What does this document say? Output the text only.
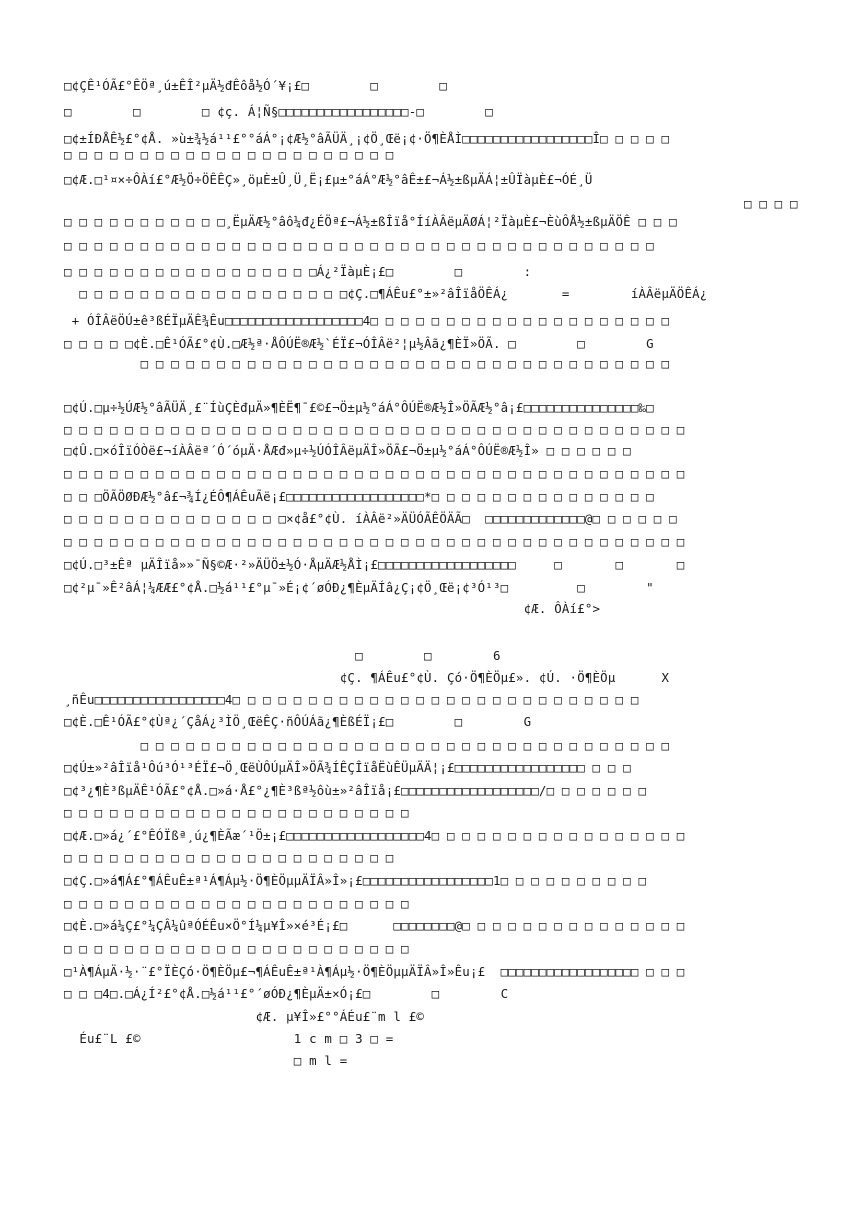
□¢ÇÊ¹ÓÃ£°ÊÖª¸ú±ÊÎ²µÄ½đÊôå½Ó´¥¡£□        □        □
□        □        □ ¢ç. Á¦Ñ§□□□□□□□□□□□□□□□□□-□        □
□¢±ÍÐÅÊ½£°¢Å. »ù±¾½á¹¹£°°áÁ°¡¢Æ½°âÃÜÄ¸¡¢Ö¸Œë¡¢·Ö¶ÈÅÌ□□□□□□□□□□□□□□□□□Î□ □ □ □ □
□ □ □ □ □ □ □ □ □ □ □ □ □ □ □ □ □ □ □ □ □ □
□¢Æ.□¹¤×÷ÔÀí£°Æ½Ö÷ÖÊÊÇ»¸öµÈ±Û¸Ü¸Ë¡£µ±°áÁ°Æ½°âÊ±£¬Á½±ßµÄÁ¦±ÛÏàµÈ£¬ÓÉ¸Ü
□ □ □ □
□ □ □ □ □ □ □ □ □ □ □¸ËµÄÆ½°âô¼đ¿ÉÖª£¬Á½±ßÎïå°ÍíÀÂëµÄØÁ¦²ÏàµÈ£¬ÈùÔÅ½±ßµÄÖÊ □ □ □
□ □ □ □ □ □ □ □ □ □ □ □ □ □ □ □ □ □ □ □ □ □ □ □ □ □ □ □ □ □ □ □ □ □ □ □ □ □ □
□ □ □ □ □ □ □ □ □ □ □ □ □ □ □ □ □Á¿²ÏàµÈ¡£□        □        :
□ □ □ □ □ □ □ □ □ □ □ □ □ □ □ □ □ □¢Ç.□¶ÁÊu£°±»²âÎïåÖÊÁ¿       =        íÀÂëµÄÖÊÁ¿
+ ÓÎÂëÖÚ±ê³ßÉÏµÄÊ¾Êu□□□□□□□□□□□□□□□□□□4□ □ □ □ □ □ □ □ □ □ □ □ □ □ □ □ □ □ □ □
□ □ □ □ □¢È.□Ê¹ÓÃ£°¢Ù.□Æ½ª·ÅÔÚË®Æ½`ÉÏ£¬ÓÎÂë²¦µ½Âã¿¶ÈÏ»ÖÃ. □        □        G
□ □ □ □ □ □ □ □ □ □ □ □ □ □ □ □ □ □ □ □ □ □ □ □ □ □ □ □ □ □ □ □ □ □ □
□¢Ú.□µ÷½ÚÆ½°âÃÜÄ¸£¨ÍùÇÈđµÄ»¶ÈË¶¯£©£¬Ö±µ½°áÁ°ÔÚË®Æ½Î»ÖÃÆ½°â¡£□□□□□□□□□□□□□□□‰□
□ □ □ □ □ □ □ □ □ □ □ □ □ □ □ □ □ □ □ □ □ □ □ □ □ □ □ □ □ □ □ □ □ □ □ □ □ □ □ □ □
□¢Û.□×óÎïÓÒë£¬íÀÂëª´Ó´óµÄ·ÅÆđ»µ÷½ÚÓÎÂëµÄÎ»ÖÃ£¬Ö±µ½°áÁ°ÔÚË®Æ½Î» □ □ □ □ □ □
□ □ □ □ □ □ □ □ □ □ □ □ □ □ □ □ □ □ □ □ □ □ □ □ □ □ □ □ □ □ □ □ □ □ □ □ □ □ □ □ □
□ □ □ÖÃÖØÐÆ½°â£¬¾Í¿ÉÔ¶ÁÊuÃë¡£□□□□□□□□□□□□□□□□□□*□ □ □ □ □ □ □ □ □ □ □ □ □ □ □
□ □ □ □ □ □ □ □ □ □ □ □ □ □ □×¢å£°¢Ù. íÀÂë²»ÄÜÓÃÊÖÄÃ□  □□□□□□□□□□□□□@□ □ □ □ □ □
□ □ □ □ □ □ □ □ □ □ □ □ □ □ □ □ □ □ □ □ □ □ □ □ □ □ □ □ □ □ □ □ □ □ □ □ □ □ □ □ □
□¢Ú.□³±Êª µÄÎïå»»¯Ñ§©Æ·²»ÄÜÖ±½Ó·ÅµÄÆ½ÅÌ¡£□□□□□□□□□□□□□□□□□□     □       □       □
□¢²µ¯»Ê²âÁ¦¼ÆÆ£°¢Å.□½á¹¹£°µ¯»É¡¢´øÓÐ¿¶ÈµÄÍâ¿Ç¡¢Ö¸Œë¡¢³Ó¹³□         □        "
¢Æ. ÔÀí£°>
□        □        6
¢Ç. ¶ÁÊu£°¢Ù. Çó·Ö¶ÈÖµ£». ¢Ú. ·Ö¶ÈÖµ      X
¸ñÊu□□□□□□□□□□□□□□□□□4□ □ □ □ □ □ □ □ □ □ □ □ □ □ □ □ □ □ □ □ □ □ □ □ □ □ □
□¢È.□Ê¹ÓÃ£°¢Ùª¿´ÇåÁ¿³ÌÖ¸ŒëÊÇ·ñÔÚÁã¿¶ÈßÉÏ¡£□        □        G
□ □ □ □ □ □ □ □ □ □ □ □ □ □ □ □ □ □ □ □ □ □ □ □ □ □ □ □ □ □ □ □ □ □ □
□¢Ú±»²âÎïå¹Ôú³Ó¹³ÉÏ£¬Ö¸ŒëÙÔÚµÄÎ»ÖÃ¾ÍÊÇÎïåËùÊÜµÄÄ¦¡£□□□□□□□□□□□□□□□□□ □ □ □
□¢³¿¶È³ßµÄÊ¹ÓÃ£°¢Å.□»á·Å£°¿¶È³ßª½ôù±»²âÎïå¡£□□□□□□□□□□□□□□□□□□/□ □ □ □ □ □ □
□ □ □ □ □ □ □ □ □ □ □ □ □ □ □ □ □ □ □ □ □ □ □
□¢Æ.□»á¿´£°ÊÓÏßª¸ú¿¶ÈÃæ´¹Ö±¡£□□□□□□□□□□□□□□□□□□4□ □ □ □ □ □ □ □ □ □ □ □ □ □ □ □ □
□ □ □ □ □ □ □ □ □ □ □ □ □ □ □ □ □ □ □ □ □ □
□¢Ç.□»á¶Á£°¶ÁÊuÊ±ª¹Á¶Áµ½·Ö¶ÈÖµµÄÏÂ»Î»¡£□□□□□□□□□□□□□□□□□1□ □ □ □ □ □ □ □ □ □
□ □ □ □ □ □ □ □ □ □ □ □ □ □ □ □ □ □ □ □ □ □ □
□¢È.□»á¼Ç£°¼ÇÂ¼ûªÓÉÊu×Ö°Í¼µ¥Î»×é³É¡£□      □□□□□□□□@□ □ □ □ □ □ □ □ □ □ □ □ □ □ □
□ □ □ □ □ □ □ □ □ □ □ □ □ □ □ □ □ □ □ □ □ □ □
□¹À¶ÁµÄ·½·¨£°ÏÈÇó·Ö¶ÈÖµ£¬¶ÁÊuÊ±ª¹À¶Áµ½·Ö¶ÈÖµµÄÏÂ»Î»Êu¡£  □□□□□□□□□□□□□□□□□□ □ □ □
□ □ □4□.□Á¿Í²£°¢Å.□½á¹¹£°´øÓÐ¿¶ÈµÄ±×Ó¡£□        □        C
¢Æ. µ¥Î»£°°ÁÉu£¨m l £©
Éu£¨L £©                    1 c m □ 3 □ =
□ m l =
